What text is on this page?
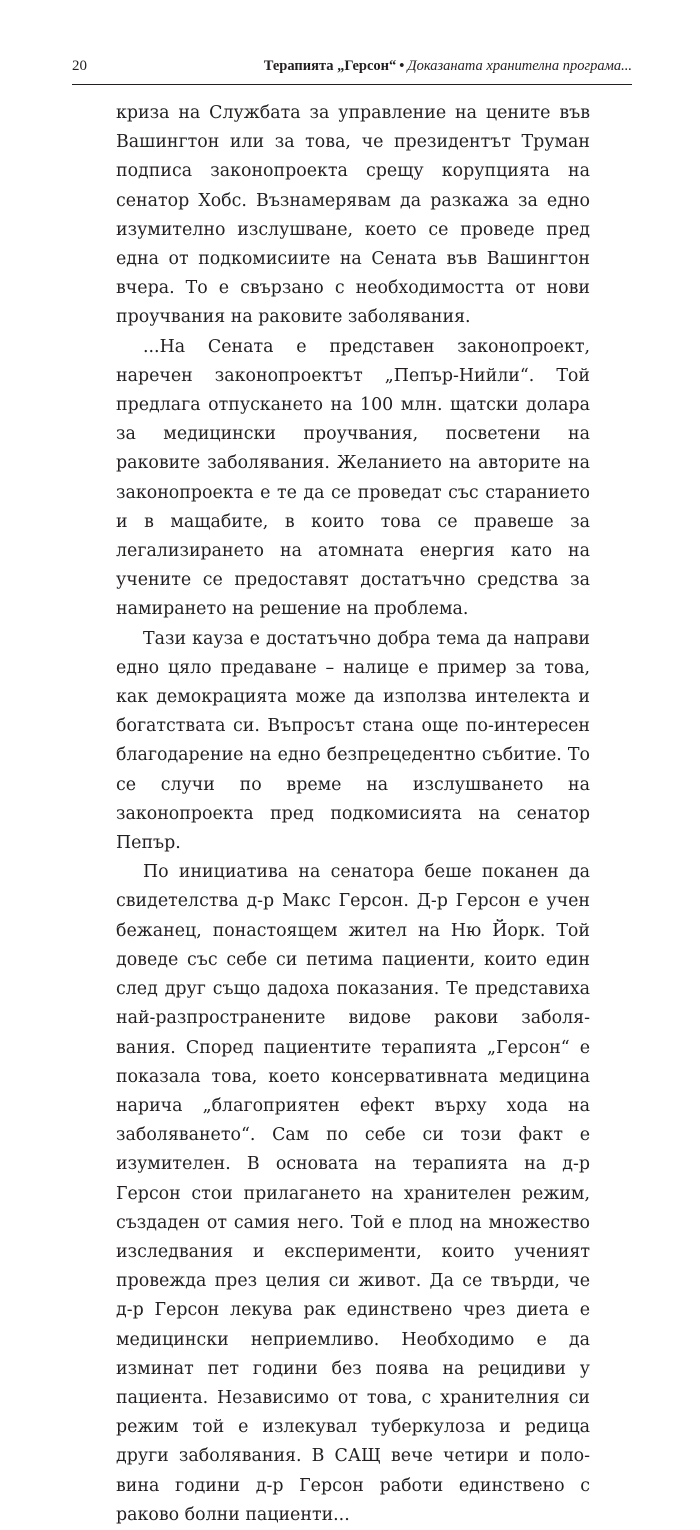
20	Терапията „Герсон“ • Доказаната хранителна програма...

криза на Службата за управление на цените във Вашингтон или за това, че президентът Труман подписа законопроекта срещу корупцията на сенатор Хобс. Възнамерявам да разкажа за едно изумително изслушване, което се проведе пред една от подкомисиите на Сената във Вашингтон вчера. То е свързано с необходимостта от нови проучвания на раковите заболявания.

...На Сената е представен законопроект, наречен законопроектът „Пепър-Нийли“. Той предлага отпускането на 100 млн. щатски долара за медицински проучвания, посветени на раковите заболявания. Желанието на авторите на законопроекта е те да се проведат със старанието и в мащабите, в които това се правеше за легализирането на атомната енергия като на учените се предоставят достатъчно средства за намирането на решение на проблема.

Тази кауза е достатъчно добра тема да направи едно цяло предаване – налице е пример за това, как демокрацията може да използва интелекта и богатствата си. Въпросът стана още по-интересен благодарение на едно безпрецедентно събитие. То се случи по време на изслушването на законопроекта пред подкомисията на сенатор Пепър.

По инициатива на сенатора беше поканен да свидетелства д-р Макс Герсон. Д-р Герсон е учен бежанец, понастоящем жител на Ню Йорк. Той доведе със себе си петима пациенти, които един след друг също дадоха показания. Те представиха най-разпространените видове ракови заболявания. Според пациентите терапията „Герсон“ е показала това, което консервативната медицина нарича „благоприятен ефект върху хода на заболяването“. Сам по себе си този факт е изумителен. В основата на терапията на д-р Герсон стои прилагането на хранителен режим, създаден от самия него. Той е плод на множество изследвания и експерименти, които ученият провежда през целия си живот. Да се твърди, че д-р Герсон лекува рак единствено чрез диета е медицински неприемливо. Необходимо е да изминат пет години без поява на рецидиви у пациента. Независимо от това, с хранителния си режим той е излекувал туберкулоза и редица други заболявания. В САЩ вече четири и половина години д-р Герсон работи единствено с раково болни пациенти...
